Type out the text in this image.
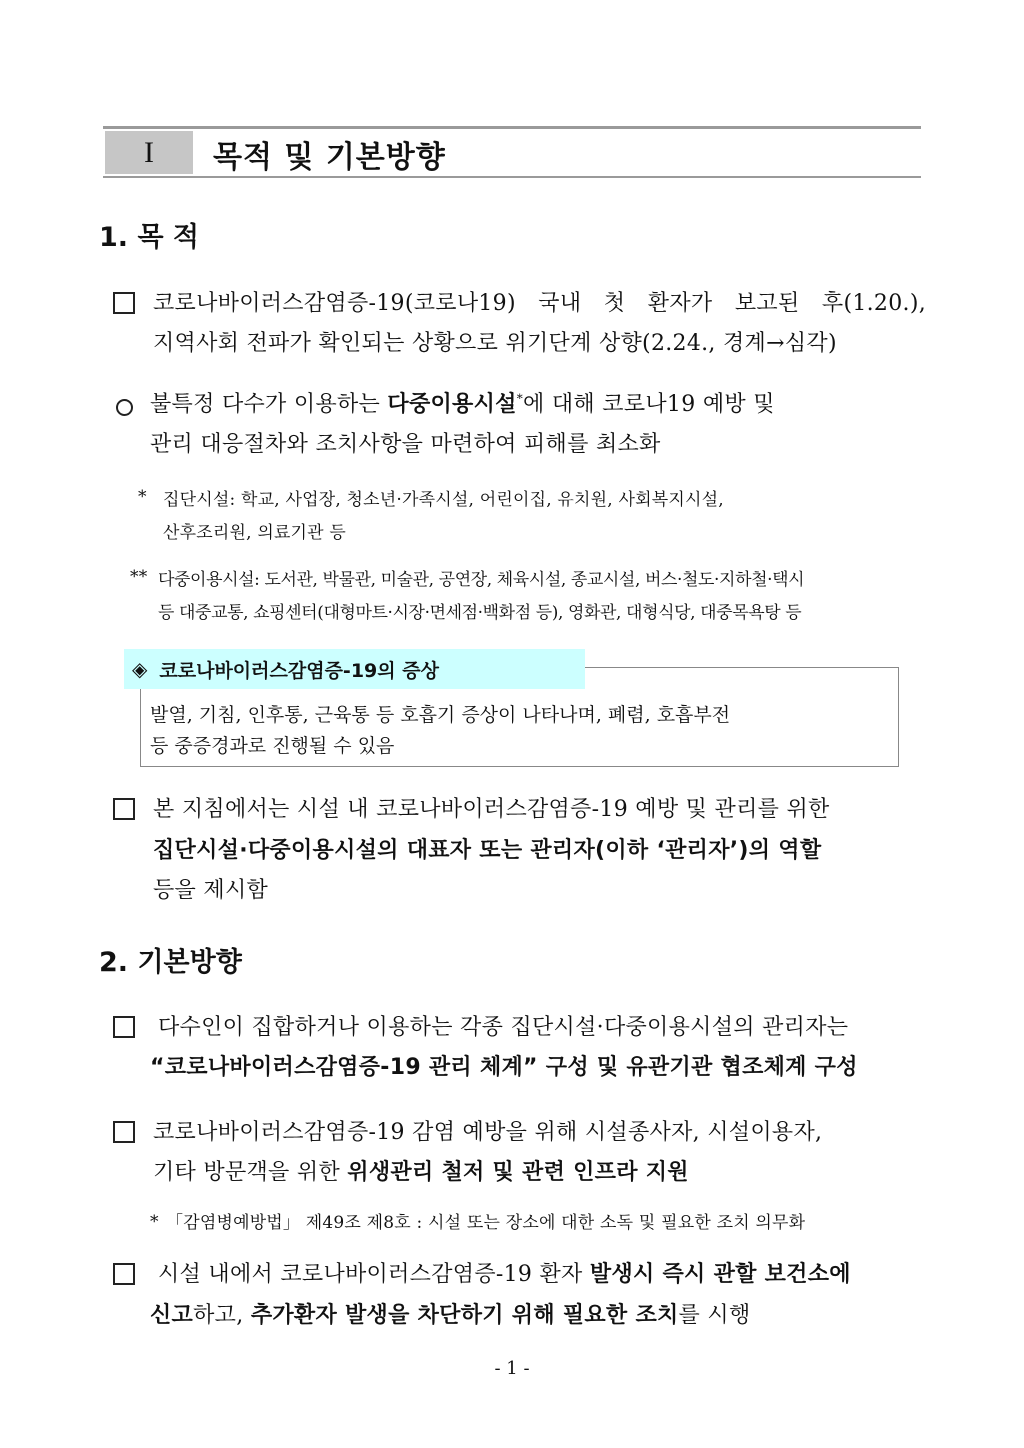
I	목적 및 기본방향
1. 목 적
코로나바이러스감염증-19(코로나19) 국내 첫 환자가 보고된 후(1.20.),
지역사회 전파가 확인되는 상황으로 위기단계 상향(2.24., 경계→심각)
불특정 다수가 이용하는 다중이용시설*에 대해 코로나19 예방 및
관리 대응절차와 조치사항을 마련하여 피해를 최소화
* 집단시설: 학교, 사업장, 청소년·가족시설, 어린이집, 유치원, 사회복지시설,
산후조리원, 의료기관 등
** 다중이용시설: 도서관, 박물관, 미술관, 공연장, 체육시설, 종교시설, 버스·철도·지하철·택시
등 대중교통, 쇼핑센터(대형마트·시장·면세점·백화점 등), 영화관, 대형식당, 대중목욕탕 등
◈ 코로나바이러스감염증-19의 증상
발열, 기침, 인후통, 근육통 등 호흡기 증상이 나타나며, 폐렴, 호흡부전
등 중증경과로 진행될 수 있음
본 지침에서는 시설 내 코로나바이러스감염증-19 예방 및 관리를 위한
집단시설·다중이용시설의 대표자 또는 관리자(이하 ‘관리자’)의 역할
등을 제시함
2. 기본방향
다수인이 집합하거나 이용하는 각종 집단시설·다중이용시설의 관리자는
“코로나바이러스감염증-19 관리 체계” 구성 및 유관기관 협조체계 구성
코로나바이러스감염증-19 감염 예방을 위해 시설종사자, 시설이용자,
기타 방문객을 위한 위생관리 철저 및 관련 인프라 지원
* 「감염병예방법」 제49조 제8호 : 시설 또는 장소에 대한 소독 및 필요한 조치 의무화
시설 내에서 코로나바이러스감염증-19 환자 발생시 즉시 관할 보건소에
신고하고, 추가환자 발생을 차단하기 위해 필요한 조치를 시행
- 1 -
